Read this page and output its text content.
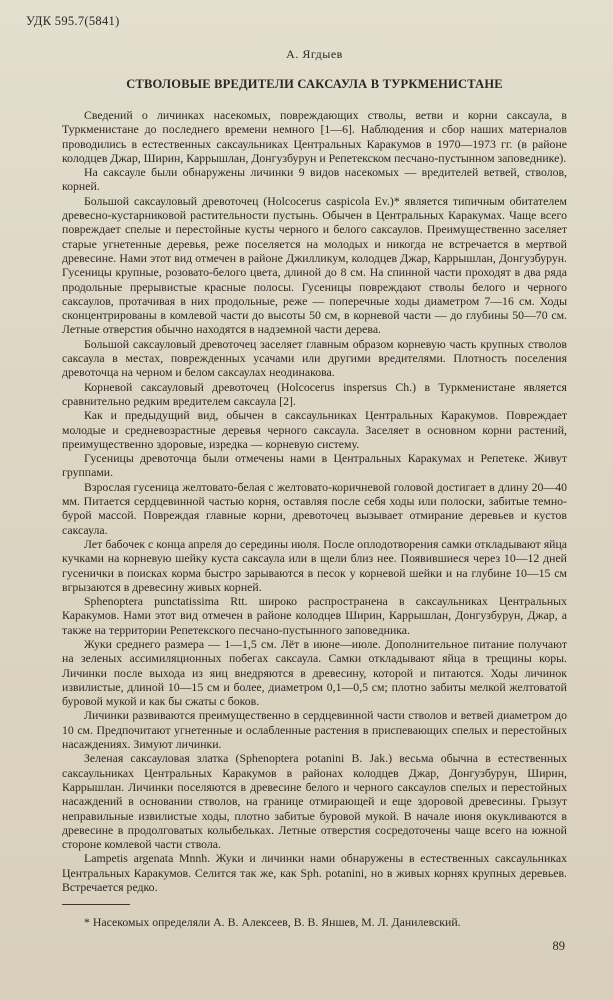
УДК 595.7(5841)
А. Ягдыев
СТВОЛОВЫЕ ВРЕДИТЕЛИ САКСАУЛА В ТУРКМЕНИСТАНЕ

Сведений о личинках насекомых, повреждающих стволы, ветви и корни саксаула, в Туркменистане до последнего времени немного [1—6]. Наблюдения и сбор наших материалов проводились в естественных саксаульниках Центральных Каракумов в 1970—1973 гг. (в районе колодцев Джар, Ширин, Каррышлан, Донгузбурун и Репетекском песчано-пустынном заповеднике).

На саксауле были обнаружены личинки 9 видов насекомых — вредителей ветвей, стволов, корней.

Большой саксауловый древоточец (Holcocerus caspicola Ev.)* является типичным обитателем древесно-кустарниковой растительности пустынь. Обычен в Центральных Каракумах. Чаще всего повреждает спелые и перестойные кусты черного и белого саксаулов. Преимущественно заселяет старые угнетенные деревья, реже поселяется на молодых и никогда не встречается в мертвой древесине. Нами этот вид отмечен в районе Джилликум, колодцев Джар, Каррышлан, Донгузбурун. Гусеницы крупные, розовато-белого цвета, длиной до 8 см. На спинной части проходят в два ряда продольные прерывистые красные полосы. Гусеницы повреждают стволы белого и черного саксаулов, протачивая в них продольные, реже — поперечные ходы диаметром 7—16 см. Ходы сконцентрированы в комлевой части до высоты 50 см, в корневой части — до глубины 50—70 см. Летные отверстия обычно находятся в надземной части дерева.

Большой саксауловый древоточец заселяет главным образом корневую часть крупных стволов саксаула в местах, поврежденных усачами или другими вредителями. Плотность поселения древоточца на черном и белом саксаулах неодинакова.

Корневой саксауловый древоточец (Holcocerus inspersus Ch.) в Туркменистане является сравнительно редким вредителем саксаула [2].

Как и предыдущий вид, обычен в саксаульниках Центральных Каракумов. Повреждает молодые и средневозрастные деревья черного саксаула. Заселяет в основном корни растений, преимущественно здоровые, изредка — корневую систему.

Гусеницы древоточца были отмечены нами в Центральных Каракумах и Репетеке. Живут группами.

Взрослая гусеница желтовато-белая с желтовато-коричневой головой достигает в длину 20—40 мм. Питается сердцевинной частью корня, оставляя после себя ходы или полоски, забитые темно-бурой массой. Повреждая главные корни, древоточец вызывает отмирание деревьев и кустов саксаула.

Лет бабочек с конца апреля до середины июля. После оплодотворения самки откладывают яйца кучками на корневую шейку куста саксаула или в щели близ нее. Появившиеся через 10—12 дней гусенички в поисках корма быстро зарываются в песок у корневой шейки и на глубине 10—15 см вгрызаются в древесину живых корней.

Sphenoptera punctatissima Rtt. широко распространена в саксаульниках Центральных Каракумов. Нами этот вид отмечен в районе колодцев Ширин, Каррышлан, Донгузбурун, Джар, а также на территории Репетекского песчано-пустынного заповедника.

Жуки среднего размера — 1—1,5 см. Лёт в июне—июле. Дополнительное питание получают на зеленых ассимиляционных побегах саксаула. Самки откладывают яйца в трещины коры. Личинки после выхода из яиц внедряются в древесину, которой и питаются. Ходы личинок извилистые, длиной 10—15 см и более, диаметром 0,1—0,5 см; плотно забиты мелкой желтоватой буровой мукой и как бы сжаты с боков.

Личинки развиваются преимущественно в сердцевинной части стволов и ветвей диаметром до 10 см. Предпочитают угнетенные и ослабленные растения в приспевающих спелых и перестойных насаждениях. Зимуют личинки.

Зеленая саксауловая златка (Sphenoptera potanini B. Jak.) весьма обычна в естественных саксаульниках Центральных Каракумов в районах колодцев Джар, Донгузбурун, Ширин, Каррышлан. Личинки поселяются в древесине белого и черного саксаулов спелых и перестойных насаждений в основании стволов, на границе отмирающей и еще здоровой древесины. Грызут неправильные извилистые ходы, плотно забитые буровой мукой. В начале июня окукливаются в древесине в продолговатых колыбельках. Летные отверстия сосредоточены чаще всего на южной стороне комлевой части ствола.

Lampetis argenata Mnnh. Жуки и личинки нами обнаружены в естественных саксаульниках Центральных Каракумов. Селится так же, как Sph. potanini, но в живых корнях крупных деревьев. Встречается редко.

* Насекомых определяли А. В. Алексеев, В. В. Яншев, М. Л. Данилевский.
89
